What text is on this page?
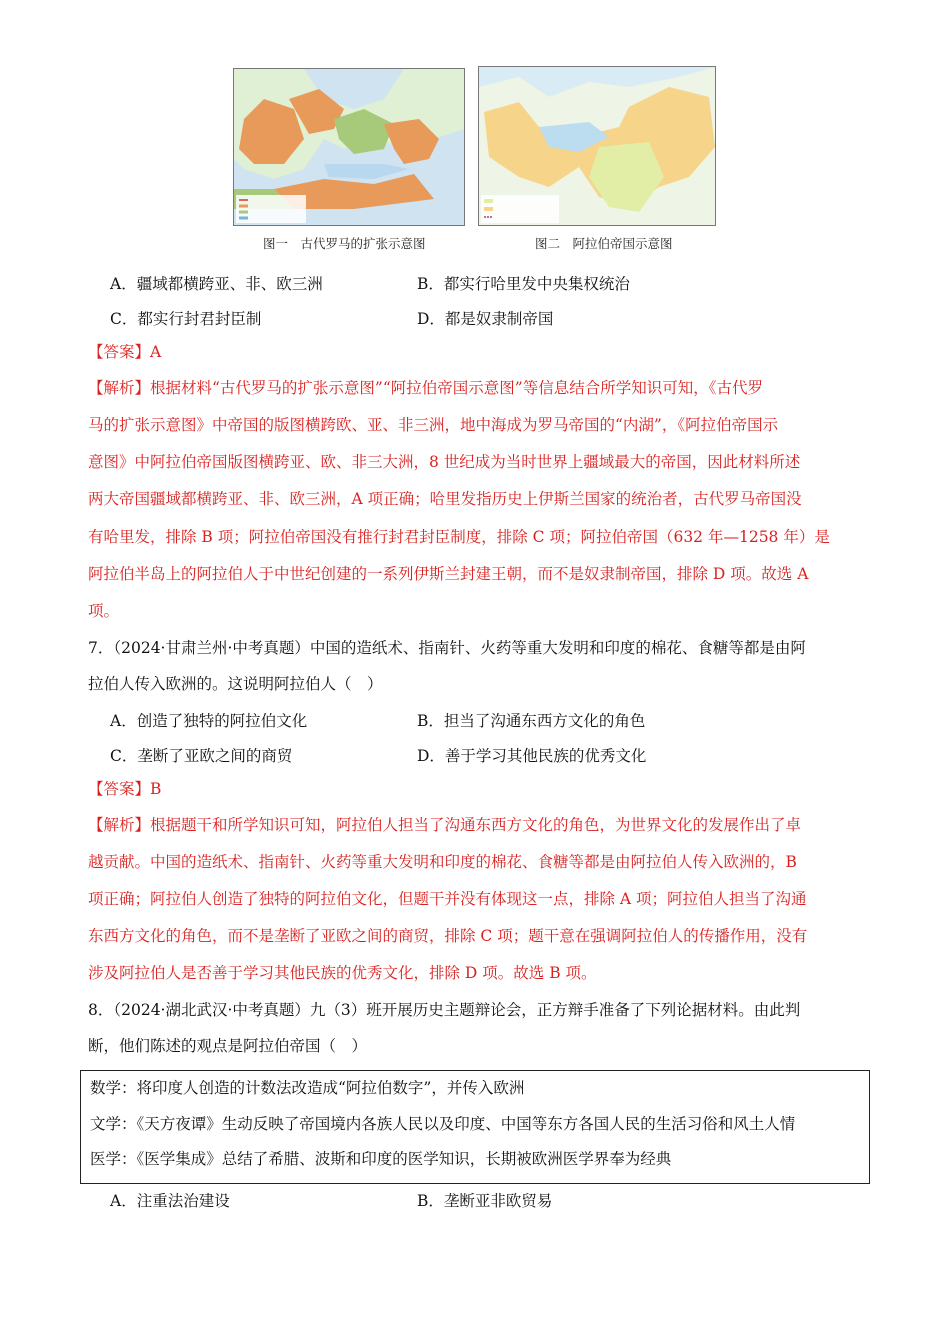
图一　古代罗马的扩张示意图	图二　阿拉伯帝国示意图
A．疆域都横跨亚、非、欧三洲	B．都实行哈里发中央集权统治
C．都实行封君封臣制	D．都是奴隶制帝国
【答案】A
【解析】根据材料“古代罗马的扩张示意图”“阿拉伯帝国示意图”等信息结合所学知识可知，《古代罗
马的扩张示意图》中帝国的版图横跨欧、亚、非三洲，地中海成为罗马帝国的“内湖”，《阿拉伯帝国示
意图》中阿拉伯帝国版图横跨亚、欧、非三大洲，8 世纪成为当时世界上疆域最大的帝国，因此材料所述
两大帝国疆域都横跨亚、非、欧三洲，A 项正确；哈里发指历史上伊斯兰国家的统治者，古代罗马帝国没
有哈里发，排除 B 项；阿拉伯帝国没有推行封君封臣制度，排除 C 项；阿拉伯帝国（632 年—1258 年）是
阿拉伯半岛上的阿拉伯人于中世纪创建的一系列伊斯兰封建王朝，而不是奴隶制帝国，排除 D 项。故选 A
项。
7．（2024·甘肃兰州·中考真题）中国的造纸术、指南针、火药等重大发明和印度的棉花、食糖等都是由阿
拉伯人传入欧洲的。这说明阿拉伯人（　）
A．创造了独特的阿拉伯文化	B．担当了沟通东西方文化的角色
C．垄断了亚欧之间的商贸	D．善于学习其他民族的优秀文化
【答案】B
【解析】根据题干和所学知识可知，阿拉伯人担当了沟通东西方文化的角色，为世界文化的发展作出了卓
越贡献。中国的造纸术、指南针、火药等重大发明和印度的棉花、食糖等都是由阿拉伯人传入欧洲的，B
项正确；阿拉伯人创造了独特的阿拉伯文化，但题干并没有体现这一点，排除 A 项；阿拉伯人担当了沟通
东西方文化的角色，而不是垄断了亚欧之间的商贸，排除 C 项；题干意在强调阿拉伯人的传播作用，没有
涉及阿拉伯人是否善于学习其他民族的优秀文化，排除 D 项。故选 B 项。
8．（2024·湖北武汉·中考真题）九（3）班开展历史主题辩论会，正方辩手准备了下列论据材料。由此判
断，他们陈述的观点是阿拉伯帝国（　）
数学：将印度人创造的计数法改造成“阿拉伯数字”，并传入欧洲
文学：《天方夜谭》生动反映了帝国境内各族人民以及印度、中国等东方各国人民的生活习俗和风土人情
医学：《医学集成》总结了希腊、波斯和印度的医学知识，长期被欧洲医学界奉为经典
A．注重法治建设	B．垄断亚非欧贸易
